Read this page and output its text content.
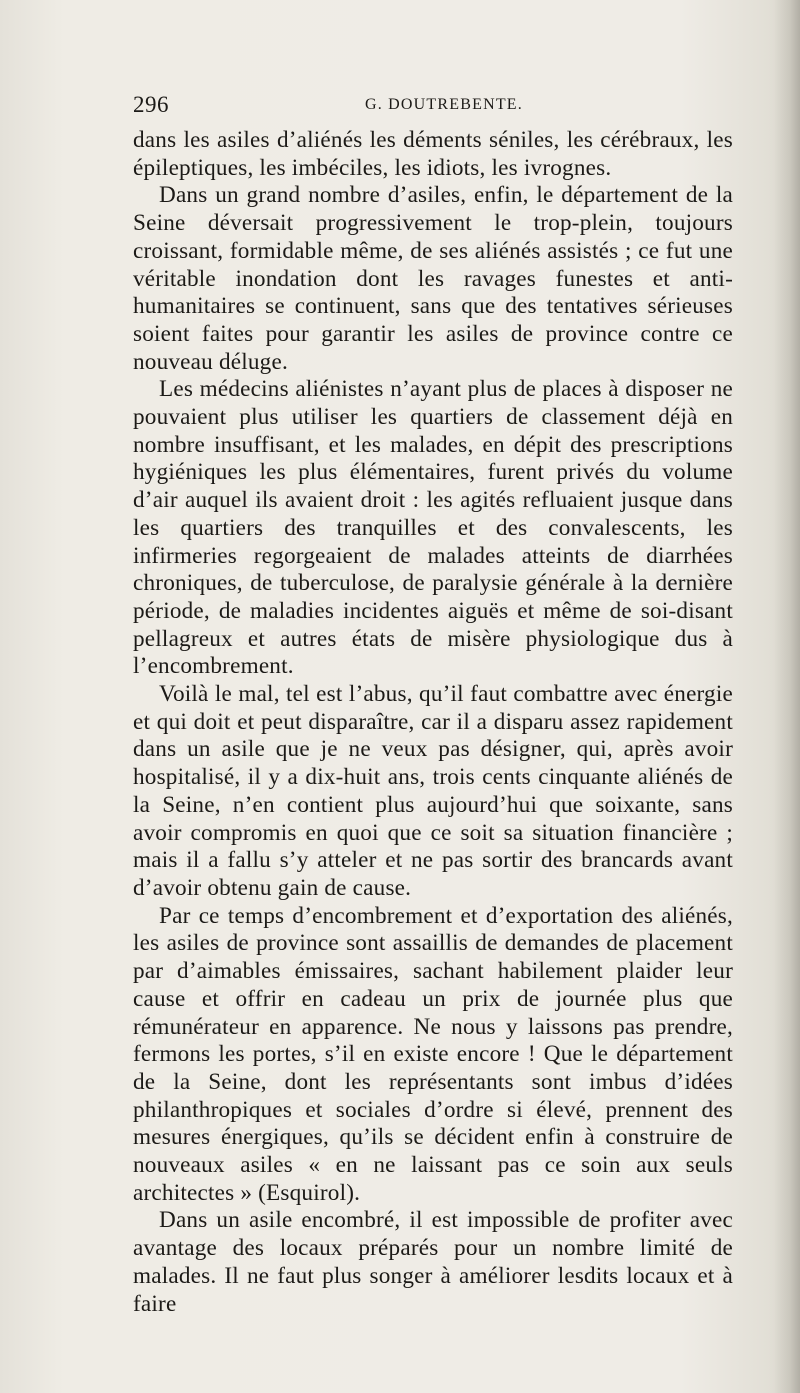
296	G. DOUTREBENTE.

dans les asiles d’aliénés les déments séniles, les cérébraux, les épileptiques, les imbéciles, les idiots, les ivrognes.

Dans un grand nombre d’asiles, enfin, le département de la Seine déversait progressivement le trop-plein, toujours croissant, formidable même, de ses aliénés assistés ; ce fut une véritable inondation dont les ravages funestes et anti-humanitaires se continuent, sans que des tentatives sérieuses soient faites pour garantir les asiles de province contre ce nouveau déluge.

Les médecins aliénistes n’ayant plus de places à disposer ne pouvaient plus utiliser les quartiers de classement déjà en nombre insuffisant, et les malades, en dépit des prescriptions hygiéniques les plus élémentaires, furent privés du volume d’air auquel ils avaient droit : les agités refluaient jusque dans les quartiers des tranquilles et des convalescents, les infirmeries regorgeaient de malades atteints de diarrhées chroniques, de tuberculose, de paralysie générale à la dernière période, de maladies incidentes aiguës et même de soi-disant pellagreux et autres états de misère physiologique dus à l’encombrement.

Voilà le mal, tel est l’abus, qu’il faut combattre avec énergie et qui doit et peut disparaître, car il a disparu assez rapidement dans un asile que je ne veux pas désigner, qui, après avoir hospitalisé, il y a dix-huit ans, trois cents cinquante aliénés de la Seine, n’en contient plus aujourd’hui que soixante, sans avoir compromis en quoi que ce soit sa situation financière ; mais il a fallu s’y atteler et ne pas sortir des brancards avant d’avoir obtenu gain de cause.

Par ce temps d’encombrement et d’exportation des aliénés, les asiles de province sont assaillis de demandes de placement par d’aimables émissaires, sachant habilement plaider leur cause et offrir en cadeau un prix de journée plus que rémunérateur en apparence. Ne nous y laissons pas prendre, fermons les portes, s’il en existe encore ! Que le département de la Seine, dont les représentants sont imbus d’idées philanthropiques et sociales d’ordre si élevé, prennent des mesures énergiques, qu’ils se décident enfin à construire de nouveaux asiles « en ne laissant pas ce soin aux seuls architectes » (Esquirol).

Dans un asile encombré, il est impossible de profiter avec avantage des locaux préparés pour un nombre limité de malades. Il ne faut plus songer à améliorer lesdits locaux et à faire
